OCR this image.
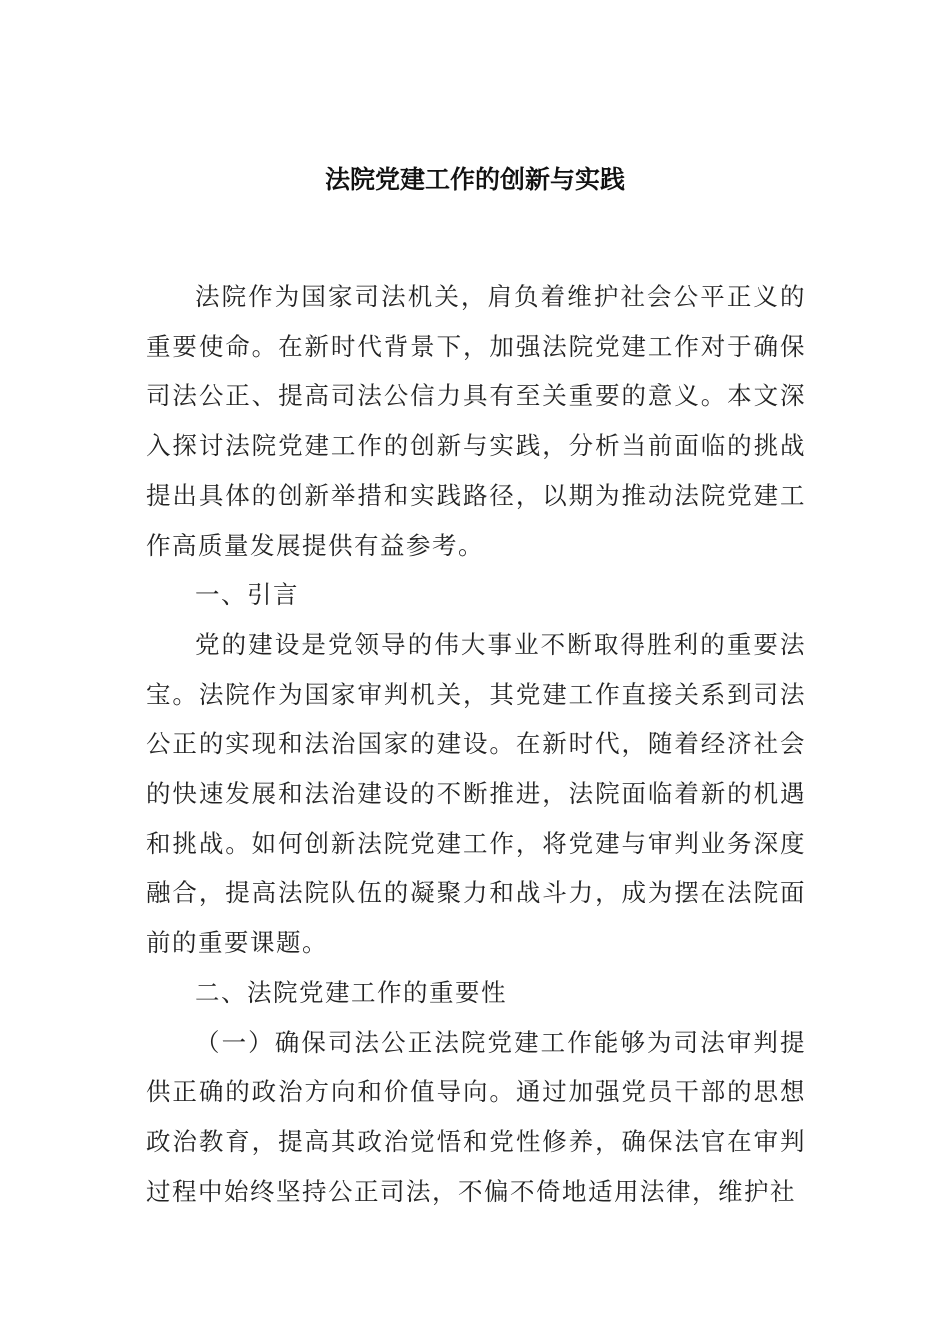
法院党建工作的创新与实践

法院作为国家司法机关，肩负着维护社会公平正义的重要使命。在新时代背景下，加强法院党建工作对于确保司法公正、提高司法公信力具有至关重要的意义。本文深入探讨法院党建工作的创新与实践，分析当前面临的挑战提出具体的创新举措和实践路径，以期为推动法院党建工作高质量发展提供有益参考。

一、引言

党的建设是党领导的伟大事业不断取得胜利的重要法宝。法院作为国家审判机关，其党建工作直接关系到司法公正的实现和法治国家的建设。在新时代，随着经济社会的快速发展和法治建设的不断推进，法院面临着新的机遇和挑战。如何创新法院党建工作，将党建与审判业务深度融合，提高法院队伍的凝聚力和战斗力，成为摆在法院面前的重要课题。

二、法院党建工作的重要性

（一）确保司法公正法院党建工作能够为司法审判提供正确的政治方向和价值导向。通过加强党员干部的思想政治教育，提高其政治觉悟和党性修养，确保法官在审判过程中始终坚持公正司法，不偏不倚地适用法律，维护社
